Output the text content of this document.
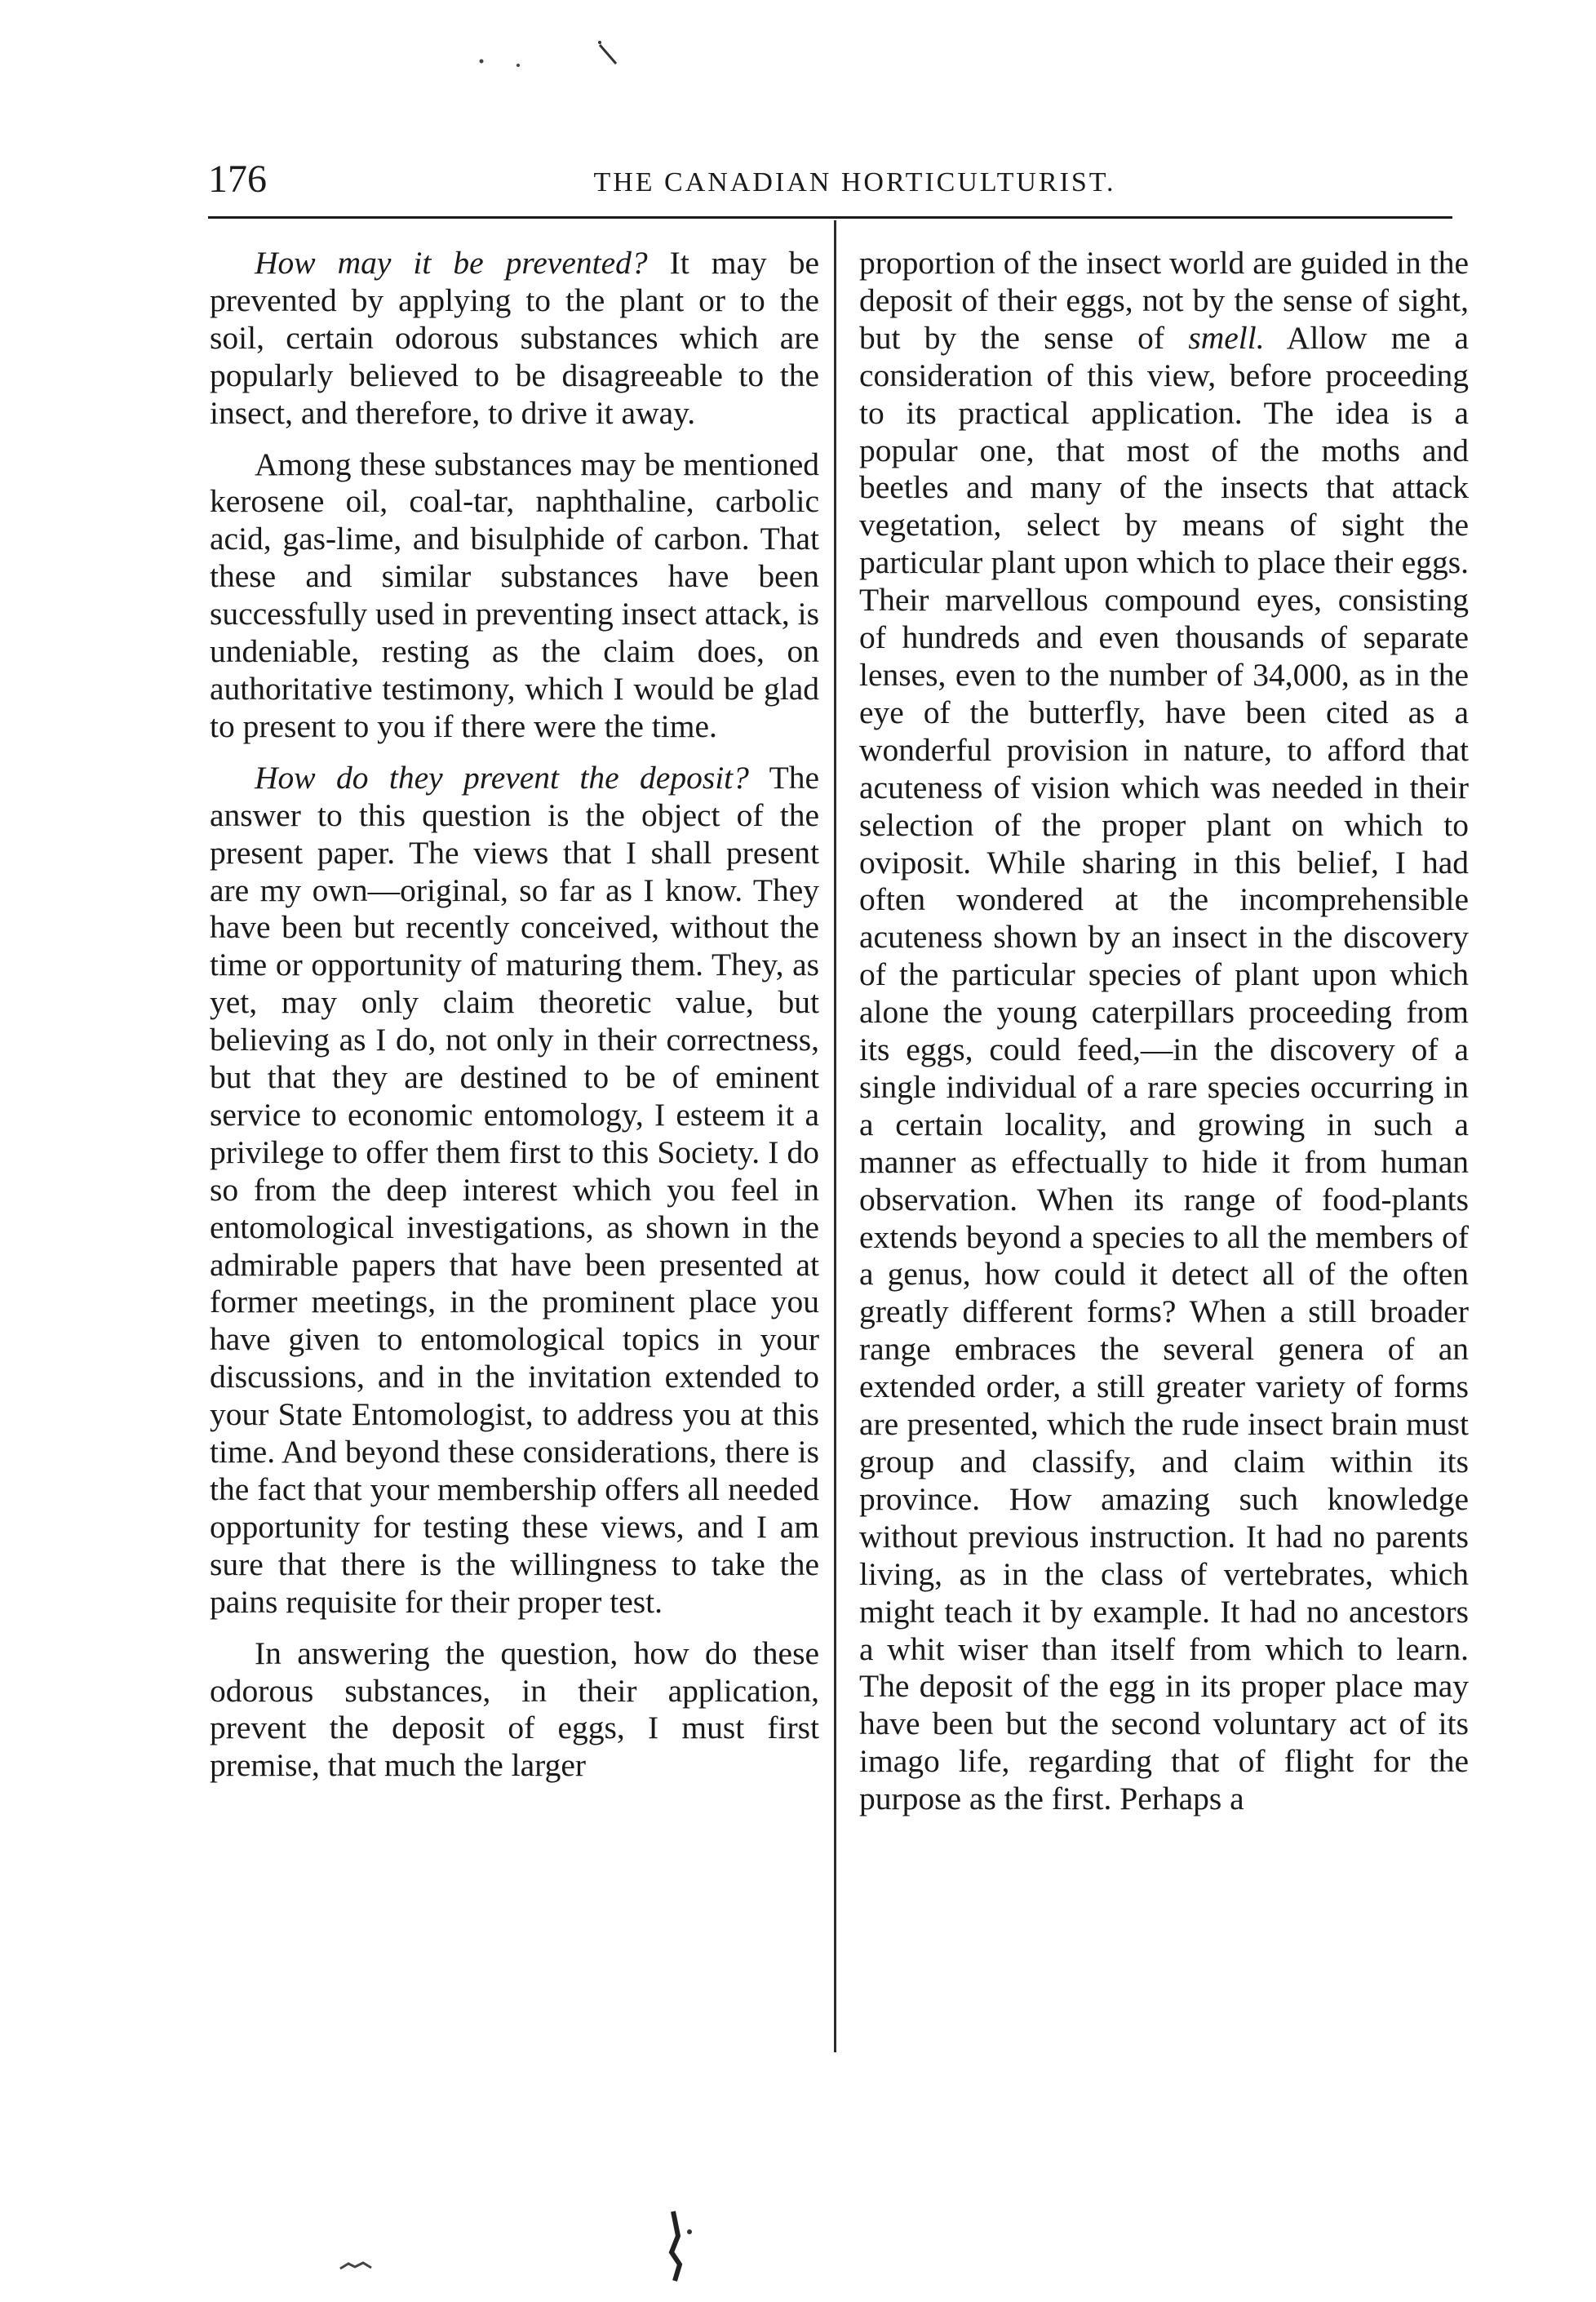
176	THE CANADIAN HORTICULTURIST.

How may it be prevented? It may be prevented by applying to the plant or to the soil, certain odorous substances which are popularly believed to be disagreeable to the insect, and therefore, to drive it away.

Among these substances may be mentioned kerosene oil, coal-tar, naphthaline, carbolic acid, gas-lime, and bisulphide of carbon. That these and similar substances have been successfully used in preventing insect attack, is undeniable, resting as the claim does, on authoritative testimony, which I would be glad to present to you if there were the time.

How do they prevent the deposit? The answer to this question is the object of the present paper. The views that I shall present are my own—original, so far as I know. They have been but recently conceived, without the time or opportunity of maturing them. They, as yet, may only claim theoretic value, but believing as I do, not only in their correctness, but that they are destined to be of eminent service to economic entomology, I esteem it a privilege to offer them first to this Society. I do so from the deep interest which you feel in entomological investigations, as shown in the admirable papers that have been presented at former meetings, in the prominent place you have given to entomological topics in your discussions, and in the invitation extended to your State Entomologist, to address you at this time. And beyond these considerations, there is the fact that your membership offers all needed opportunity for testing these views, and I am sure that there is the willingness to take the pains requisite for their proper test.

In answering the question, how do these odorous substances, in their application, prevent the deposit of eggs, I must first premise, that much the larger

proportion of the insect world are guided in the deposit of their eggs, not by the sense of sight, but by the sense of smell. Allow me a consideration of this view, before proceeding to its practical application. The idea is a popular one, that most of the moths and beetles and many of the insects that attack vegetation, select by means of sight the particular plant upon which to place their eggs. Their marvellous compound eyes, consisting of hundreds and even thousands of separate lenses, even to the number of 34,000, as in the eye of the butterfly, have been cited as a wonderful provision in nature, to afford that acuteness of vision which was needed in their selection of the proper plant on which to oviposit. While sharing in this belief, I had often wondered at the incomprehensible acuteness shown by an insect in the discovery of the particular species of plant upon which alone the young caterpillars proceeding from its eggs, could feed,—in the discovery of a single individual of a rare species occurring in a certain locality, and growing in such a manner as effectually to hide it from human observation. When its range of food-plants extends beyond a species to all the members of a genus, how could it detect all of the often greatly different forms? When a still broader range embraces the several genera of an extended order, a still greater variety of forms are presented, which the rude insect brain must group and classify, and claim within its province. How amazing such knowledge without previous instruction. It had no parents living, as in the class of vertebrates, which might teach it by example. It had no ancestors a whit wiser than itself from which to learn. The deposit of the egg in its proper place may have been but the second voluntary act of its imago life, regarding that of flight for the purpose as the first. Perhaps a
